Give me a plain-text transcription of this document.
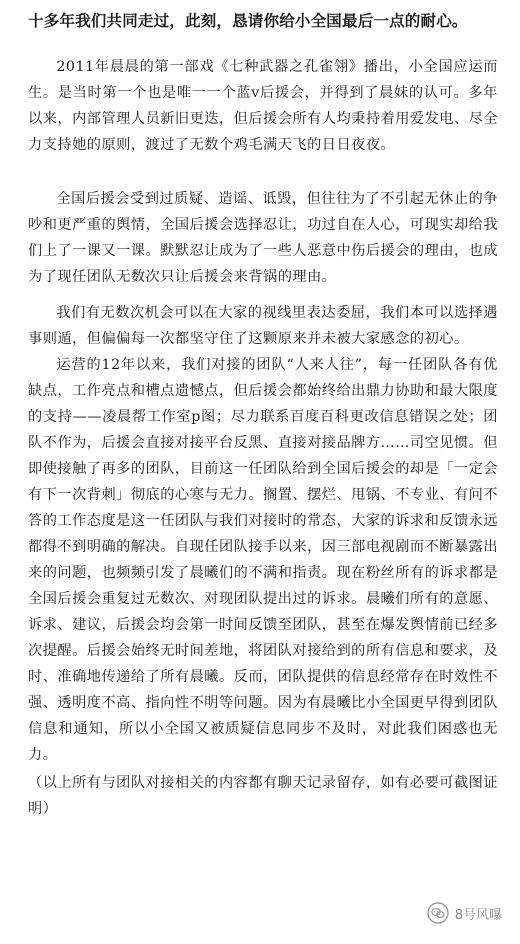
十多年我们共同走过，此刻，恳请你给小全国最后一点的耐心。

2011年晨晨的第一部戏《七种武器之孔雀翎》播出，小全国应运而生。是当时第一个也是唯一一个蓝v后援会，并得到了晨妹的认可。多年以来，内部管理人员新旧更迭，但后援会所有人均秉持着用爱发电、尽全力支持她的原则，渡过了无数个鸡毛满天飞的日日夜夜。

全国后援会受到过质疑、造谣、诋毁，但往往为了不引起无休止的争吵和更严重的舆情，全国后援会选择忍让，功过自在人心，可现实却给我们上了一课又一课。默默忍让成为了一些人恶意中伤后援会的理由，也成为了现任团队无数次只让后援会来背锅的理由。

我们有无数次机会可以在大家的视线里表达委屈，我们本可以选择遇事则遁，但偏偏每一次都坚守住了这颗原来并未被大家感念的初心。

运营的12年以来，我们对接的团队“人来人往”，每一任团队各有优缺点，工作亮点和槽点遗憾点，但后援会都始终给出鼎力协助和最大限度的支持——凌晨帮工作室p图；尽力联系百度百科更改信息错误之处；团队不作为，后援会直接对接平台反黑、直接对接品牌方……司空见惯。但即使接触了再多的团队，目前这一任团队给到全国后援会的却是「一定会有下一次背刺」彻底的心寒与无力。搁置、摆烂、甩锅、不专业、有问不答的工作态度是这一任团队与我们对接时的常态，大家的诉求和反馈永远都得不到明确的解决。自现任团队接手以来，因三部电视剧而不断暴露出来的问题，也频频引发了晨曦们的不满和指责。现在粉丝所有的诉求都是全国后援会重复过无数次、对现团队提出过的诉求。晨曦们所有的意愿、诉求、建议，后援会均会第一时间反馈至团队，甚至在爆发舆情前已经多次提醒。后援会始终无时间差地，将团队对接给到的所有信息和要求，及时、准确地传递给了所有晨曦。反而，团队提供的信息经常存在时效性不强、透明度不高、指向性不明等问题。因为有晨曦比小全国更早得到团队信息和通知，所以小全国又被质疑信息同步不及时，对此我们困惑也无力。

（以上所有与团队对接相关的内容都有聊天记录留存，如有必要可截图证明）

8号风曝
